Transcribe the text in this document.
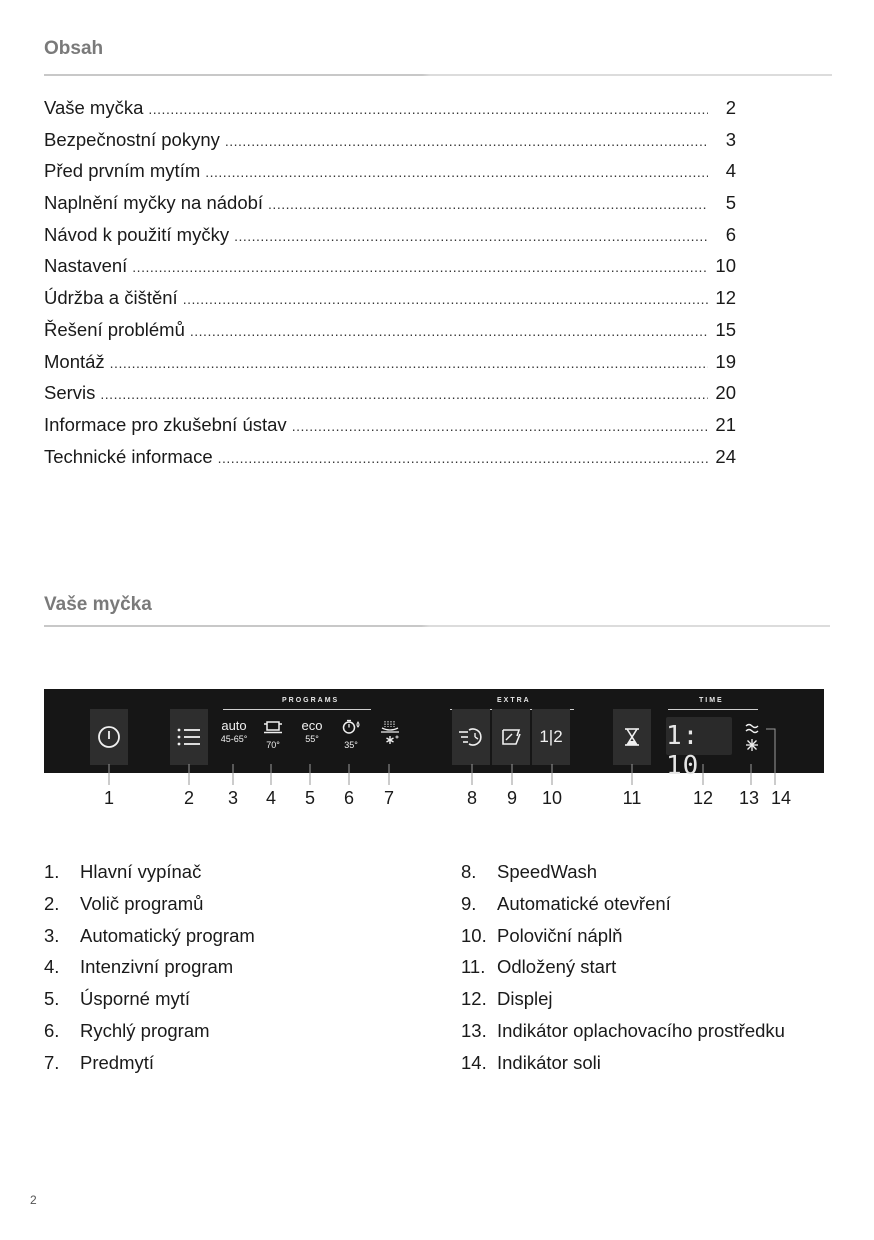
Obsah
Vaše myčka .....	2
Bezpečnostní pokyny .....	3
Před prvním mytím .....	4
Naplnění myčky na nádobí .....	5
Návod k použití myčky .....	6
Nastavení .....	10
Údržba a čištění .....	12
Řešení problémů .....	15
Montáž .....	19
Servis .....	20
Informace pro zkušební ústav .....	21
Technické informace .....	24
Vaše myčka
PROGRAMS	EXTRA	TIME
auto
45-65°
70°
eco
55°
35°	1|2	1: 10
1	2 3 4 5 6 7	8 9 10	11	12 13 14
1. Hlavní vypínač
2. Volič programů
3. Automatický program
4. Intenzivní program
5. Úsporné mytí
6. Rychlý program
7. Predmytí
8. SpeedWash
9. Automatické otevření
10. Poloviční náplň
11. Odložený start
12. Displej
13. Indikátor oplachovacího prostředku
14. Indikátor soli
2
